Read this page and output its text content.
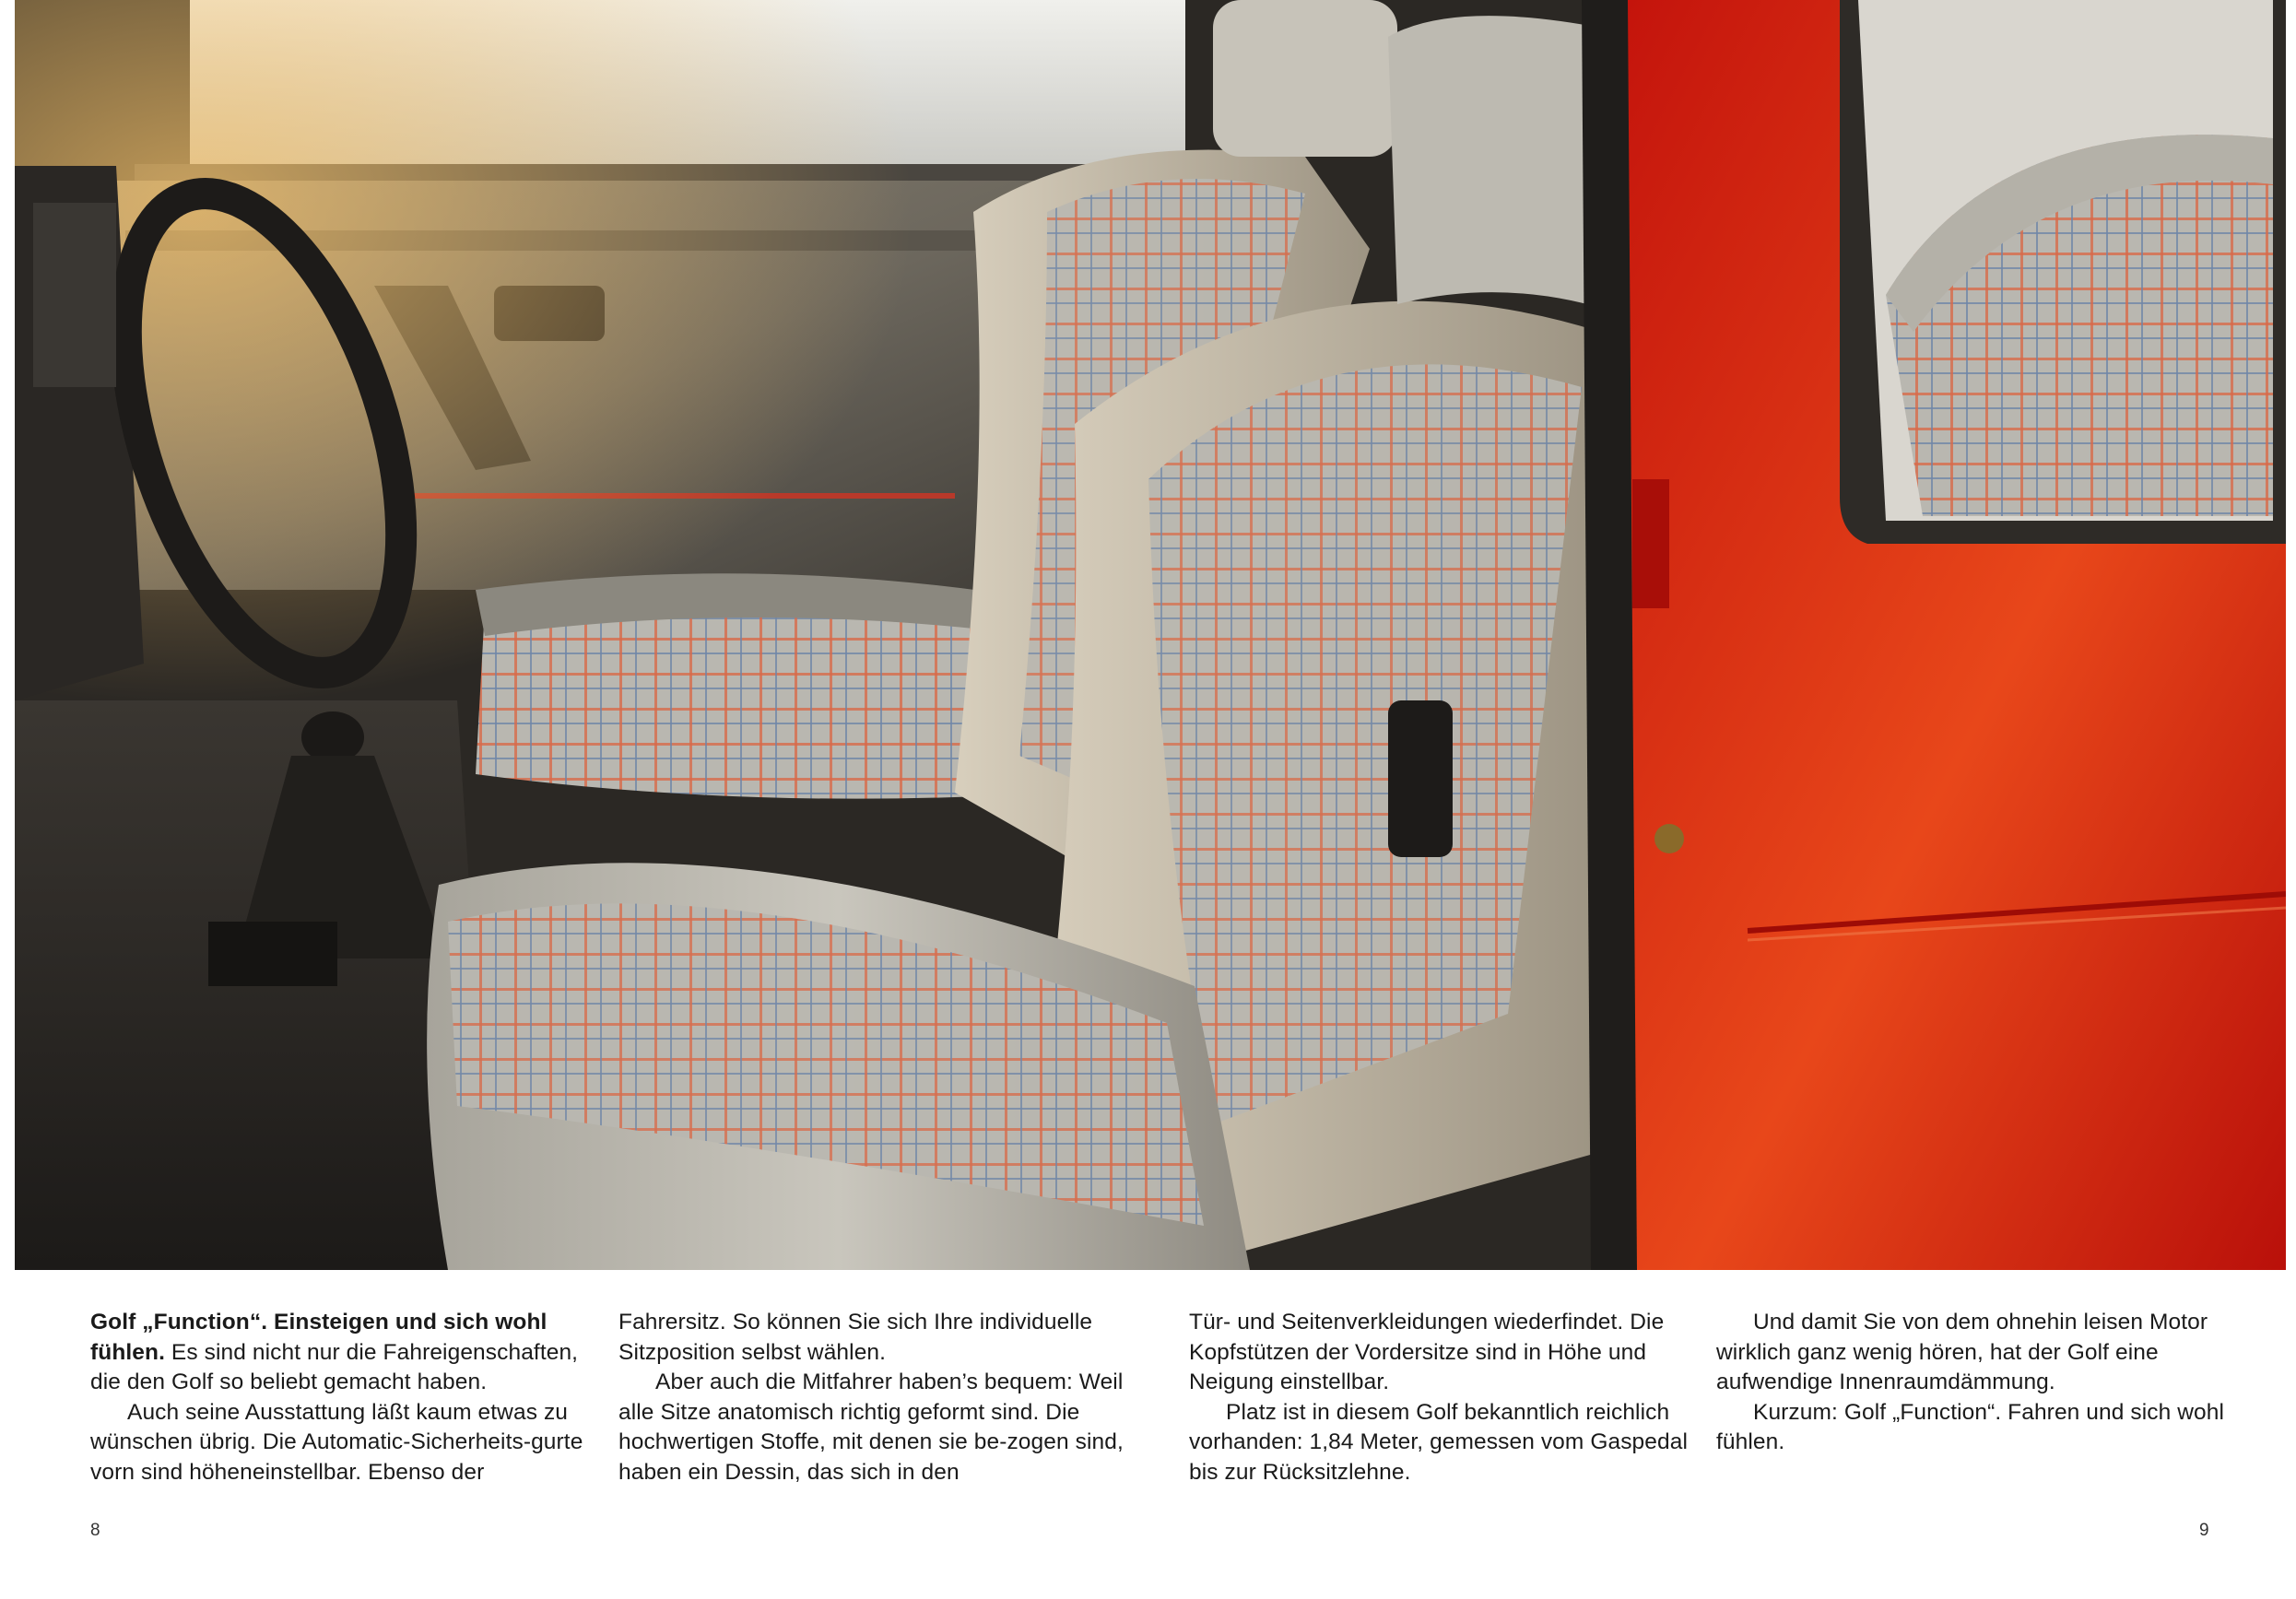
Golf „Function“. Einsteigen und sich wohl fühlen. Es sind nicht nur die Fahreigenschaften, die den Golf so beliebt gemacht haben.

Auch seine Ausstattung läßt kaum etwas zu wünschen übrig. Die Automatic-Sicherheits-gurte vorn sind höheneinstellbar. Ebenso der

Fahrersitz. So können Sie sich Ihre individuelle Sitzposition selbst wählen.

Aber auch die Mitfahrer haben’s bequem: Weil alle Sitze anatomisch richtig geformt sind. Die hochwertigen Stoffe, mit denen sie be-zogen sind, haben ein Dessin, das sich in den

Tür- und Seitenverkleidungen wiederfindet. Die Kopfstützen der Vordersitze sind in Höhe und Neigung einstellbar.

Platz ist in diesem Golf bekanntlich reichlich vorhanden: 1,84 Meter, gemessen vom Gaspedal bis zur Rücksitzlehne.

Und damit Sie von dem ohnehin leisen Motor wirklich ganz wenig hören, hat der Golf eine aufwendige Innenraumdämmung.

Kurzum: Golf „Function“. Fahren und sich wohl fühlen.

8	9
